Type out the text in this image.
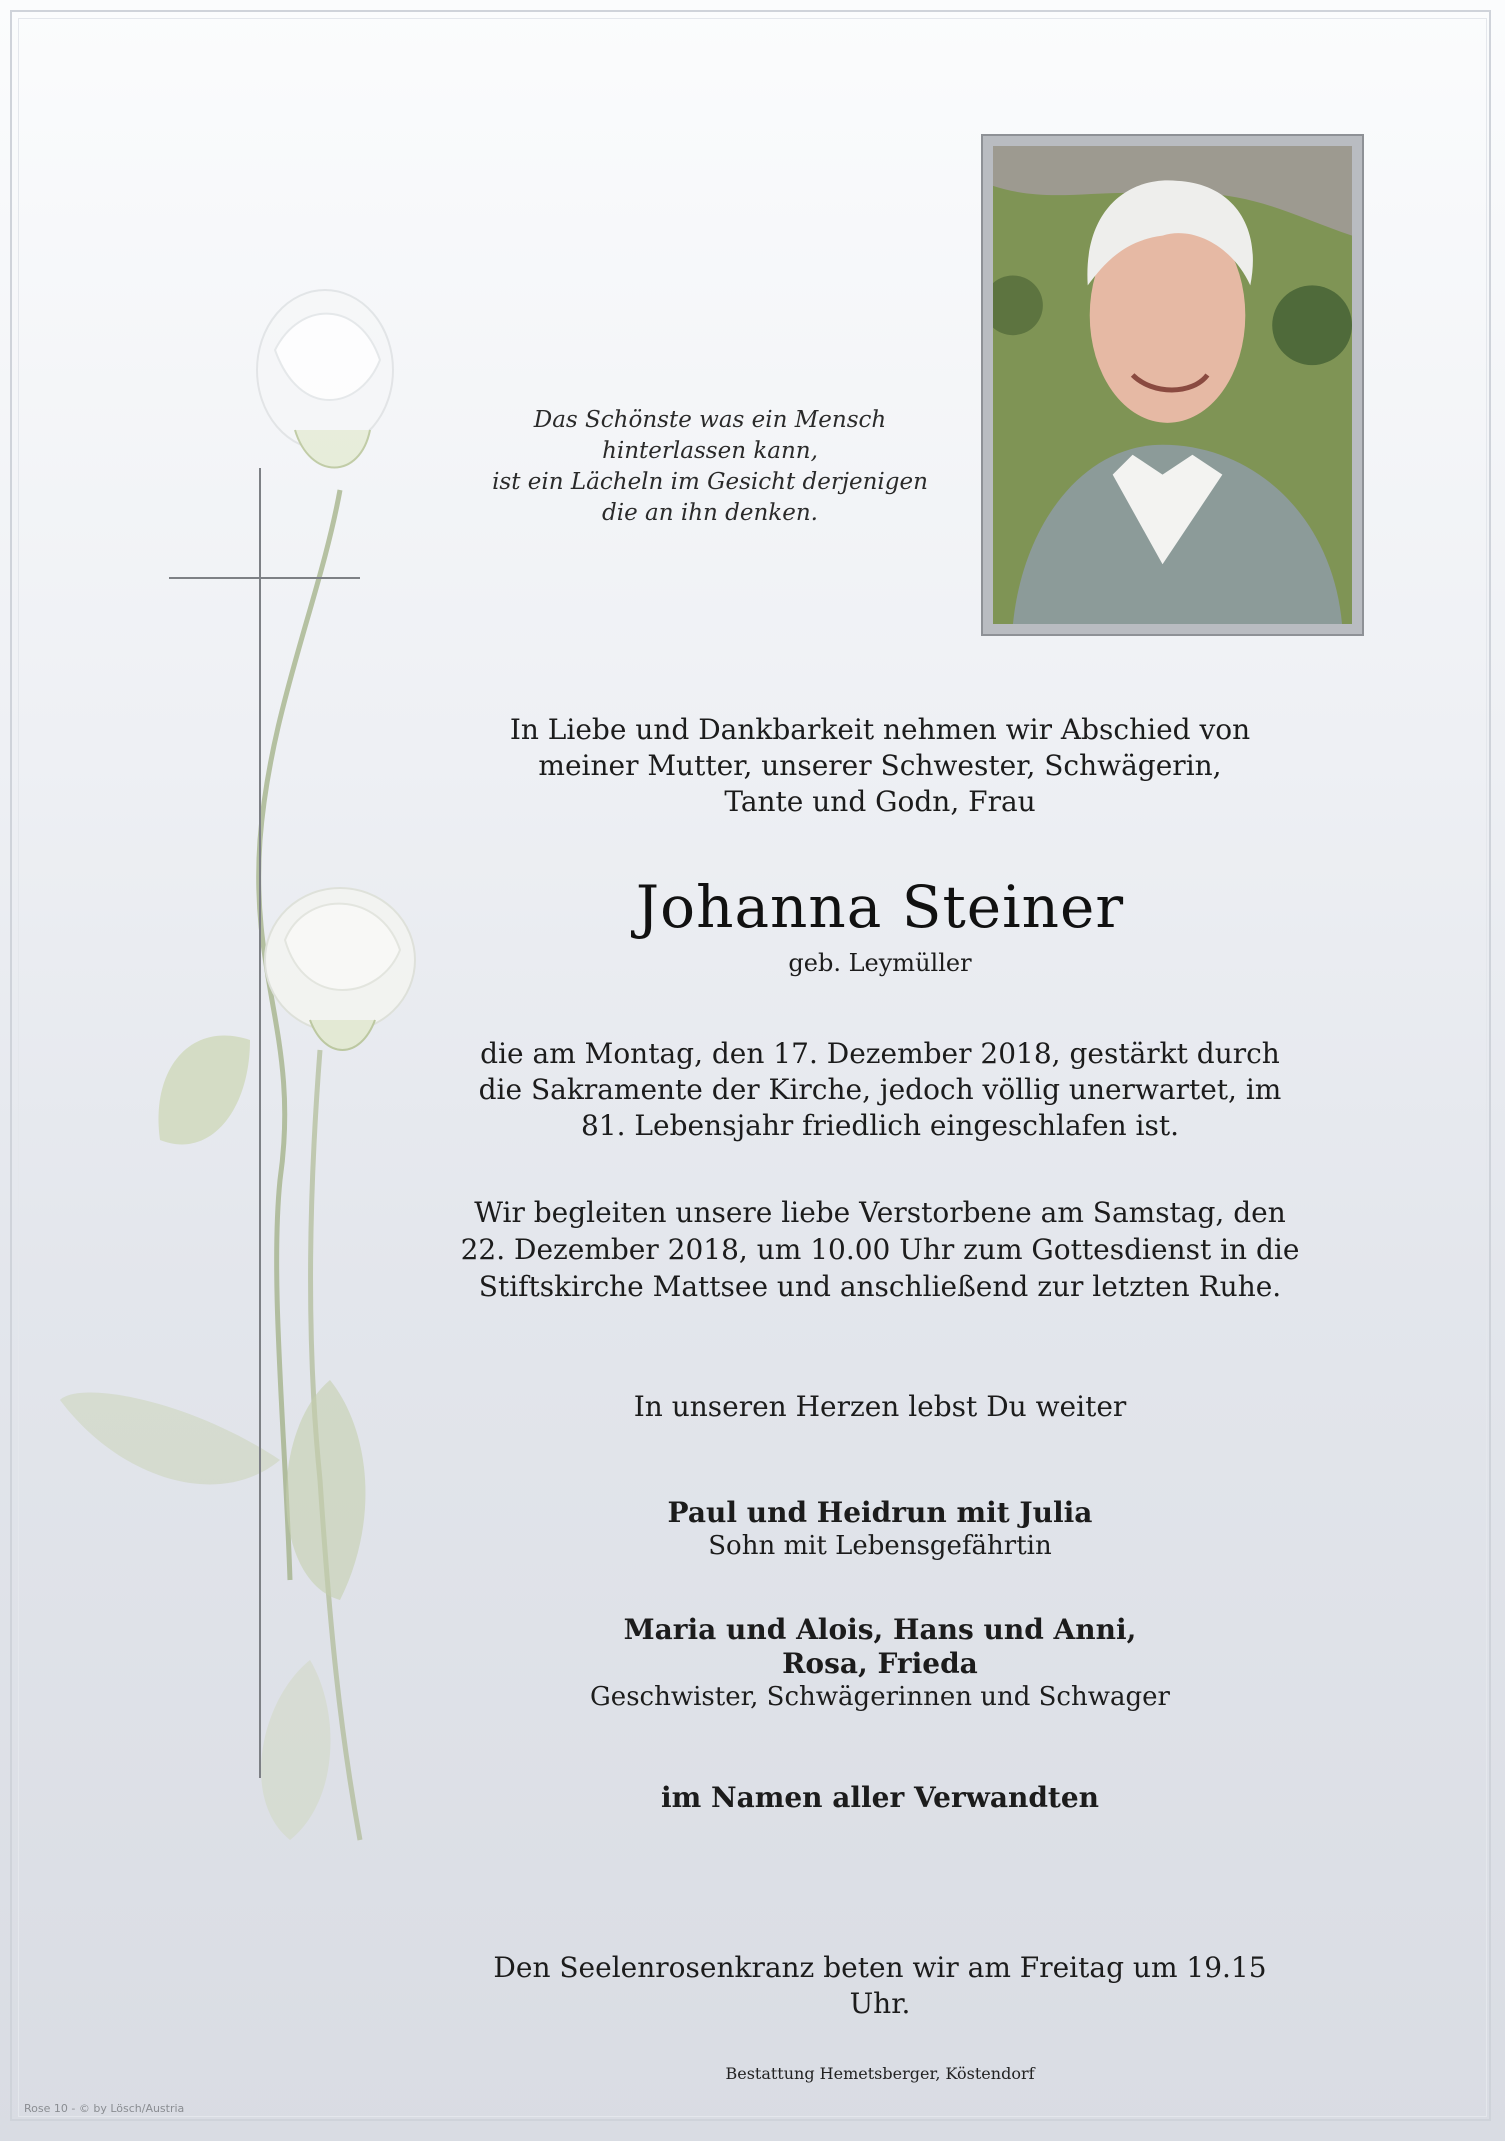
Das Schönste was ein Mensch
hinterlassen kann,
ist ein Lächeln im Gesicht derjenigen
die an ihn denken.
In Liebe und Dankbarkeit nehmen wir Abschied von
meiner Mutter, unserer Schwester, Schwägerin,
Tante und Godn, Frau
Johanna Steiner
geb. Leymüller
die am Montag, den 17. Dezember 2018, gestärkt durch
die Sakramente der Kirche, jedoch völlig unerwartet, im
81. Lebensjahr friedlich eingeschlafen ist.
Wir begleiten unsere liebe Verstorbene am Samstag, den
22. Dezember 2018, um 10.00 Uhr zum Gottesdienst in die
Stiftskirche Mattsee und anschließend zur letzten Ruhe.
In unseren Herzen lebst Du weiter
Paul und Heidrun mit Julia
Sohn mit Lebensgefährtin
Maria und Alois, Hans und Anni,
Rosa, Frieda
Geschwister, Schwägerinnen und Schwager
im Namen aller Verwandten
Den Seelenrosenkranz beten wir am Freitag um 19.15 Uhr.
Bestattung Hemetsberger, Köstendorf
Rose 10 - © by Lösch/Austria
